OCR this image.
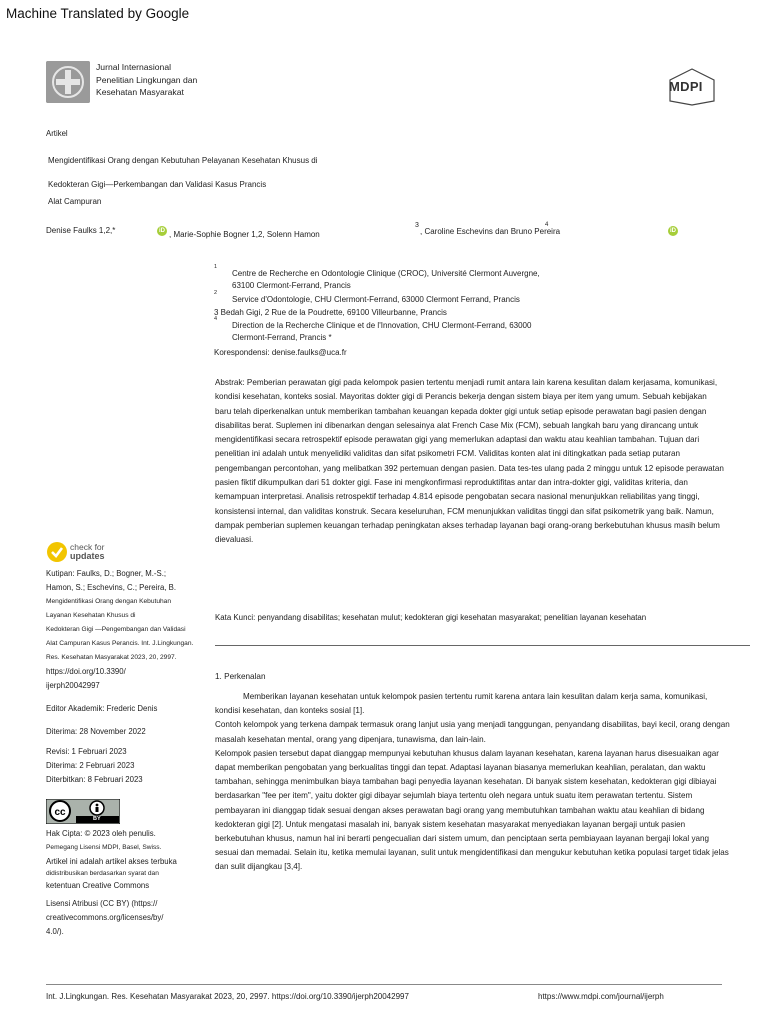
Machine Translated by Google
Jurnal Internasional
Penelitian Lingkungan dan
Kesehatan Masyarakat	MDPI
Artikel
Mengidentifikasi Orang dengan Kebutuhan Pelayanan Kesehatan Khusus di
Kedokteran Gigi—Perkembangan dan Validasi Kasus Prancis
Alat Campuran
Denise Faulks 1,2,*	iD , Marie-Sophie Bogner 1,2, Solenn Hamon
3
, Caroline Eschevins dan Bruno Pereira
4
iD
$^1$
Centre de Recherche en Odontologie Clinique (CROC), Université Clermont Auvergne,
63100 Clermont-Ferrand, Prancis
$^2$
Service d'Odontologie, CHU Clermont-Ferrand, 63000 Clermont Ferrand, Prancis
3 Bedah Gigi, 2 Rue de la Poudrette, 69100 Villeurbanne, Prancis
$^4$
Direction de la Recherche Clinique et de l'Innovation, CHU Clermont-Ferrand, 63000
Clermont-Ferrand, Prancis *
Korespondensi: denise.faulks@uca.fr
Abstrak: Pemberian perawatan gigi pada kelompok pasien tertentu menjadi rumit antara lain karena kesulitan dalam kerjasama, komunikasi, kondisi kesehatan, konteks sosial. Mayoritas dokter gigi di Perancis bekerja dengan sistem biaya per item yang umum. Sebuah kebijakan baru telah diperkenalkan untuk memberikan tambahan keuangan kepada dokter gigi untuk setiap episode perawatan bagi pasien dengan disabilitas berat. Suplemen ini dibenarkan dengan selesainya alat French Case Mix (FCM), sebuah langkah baru yang dirancang untuk mengidentifikasi secara retrospektif episode perawatan gigi yang memerlukan adaptasi dan waktu atau keahlian tambahan. Tujuan dari penelitian ini adalah untuk menyelidiki validitas dan sifat psikometri FCM. Validitas konten alat ini ditingkatkan pada setiap putaran pengembangan percontohan, yang melibatkan 392 pertemuan dengan pasien. Data tes-tes ulang pada 2 minggu untuk 12 episode perawatan pasien fiktif dikumpulkan dari 51 dokter gigi. Fase ini mengkonfirmasi reproduktifitas antar dan intra-dokter gigi, validitas kriteria, dan kemampuan interpretasi. Analisis retrospektif terhadap 4.814 episode pengobatan secara nasional menunjukkan reliabilitas yang tinggi, konsistensi internal, dan validitas konstruk. Secara keseluruhan, FCM menunjukkan validitas tinggi dan sifat psikometrik yang baik. Namun, dampak pemberian suplemen keuangan terhadap peningkatan akses terhadap layanan bagi orang-orang berkebutuhan khusus masih belum dievaluasi.
Kata Kunci: penyandang disabilitas; kesehatan mulut; kedokteran gigi kesehatan masyarakat; penelitian layanan kesehatan
1. Perkenalan

Memberikan layanan kesehatan untuk kelompok pasien tertentu rumit karena antara lain kesulitan dalam kerja sama, komunikasi, kondisi kesehatan, dan konteks sosial [1].

Contoh kelompok yang terkena dampak termasuk orang lanjut usia yang menjadi tanggungan, penyandang disabilitas, bayi kecil, orang dengan masalah kesehatan mental, orang yang dipenjara, tunawisma, dan lain-lain.

Kelompok pasien tersebut dapat dianggap mempunyai kebutuhan khusus dalam layanan kesehatan, karena layanan harus disesuaikan agar dapat memberikan pengobatan yang berkualitas tinggi dan tepat. Adaptasi layanan biasanya memerlukan keahlian, peralatan, dan waktu tambahan, sehingga menimbulkan biaya tambahan bagi penyedia layanan kesehatan. Di banyak sistem kesehatan, kedokteran gigi dibiayai berdasarkan "fee per item", yaitu dokter gigi dibayar sejumlah biaya tertentu oleh negara untuk suatu item perawatan tertentu. Sistem pembayaran ini dianggap tidak sesuai dengan akses perawatan bagi orang yang membutuhkan tambahan waktu atau keahlian di bidang kedokteran gigi [2]. Untuk mengatasi masalah ini, banyak sistem kesehatan masyarakat menyediakan layanan bergaji untuk pasien berkebutuhan khusus, namun hal ini berarti pengecualian dari sistem umum, dan penciptaan serta pembiayaan layanan bergaji lokal yang sesuai dan memadai. Selain itu, ketika memulai layanan, sulit untuk mengidentifikasi dan mengukur kebutuhan ketika populasi target tidak jelas dan sulit dijangkau [3,4].

check for
updates
Kutipan: Faulks, D.; Bogner, M.-S.;
Hamon, S.; Eschevins, C.; Pereira, B.
Mengidentifikasi Orang dengan Kebutuhan
Layanan Kesehatan Khusus di
Kedokteran Gigi —Pengembangan dan Validasi
Alat Campuran Kasus Perancis. Int. J.Lingkungan.
Res. Kesehatan Masyarakat 2023, 20, 2997.
https://doi.org/10.3390/
ijerph20042997
Editor Akademik: Frederic Denis
Diterima: 28 November 2022
Revisi: 1 Februari 2023
Diterima: 2 Februari 2023
Diterbitkan: 8 Februari 2023
cc
BY
Hak Cipta: © 2023 oleh penulis.
Pemegang Lisensi MDPI, Basel, Swiss.
Artikel ini adalah artikel akses terbuka
didistribusikan berdasarkan syarat dan
ketentuan Creative Commons
Lisensi Atribusi (CC BY) (https://
creativecommons.org/licenses/by/
4.0/).
Int. J.Lingkungan. Res. Kesehatan Masyarakat 2023, 20, 2997. https://doi.org/10.3390/ijerph20042997	https://www.mdpi.com/journal/ijerph
